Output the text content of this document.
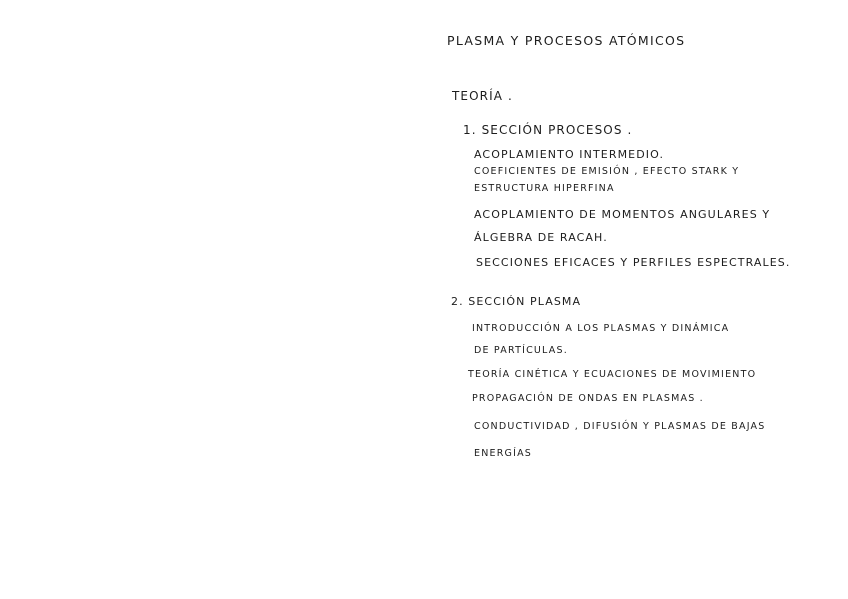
PLASMA Y PROCESOS ATÓMICOS
TEORÍA .
1. SECCIÓN PROCESOS .
ACOPLAMIENTO INTERMEDIO.
COEFICIENTES DE EMISIÓN , EFECTO STARK Y
ESTRUCTURA HIPERFINA
ACOPLAMIENTO DE MOMENTOS ANGULARES Y
ÁLGEBRA DE RACAH.
SECCIONES EFICACES Y PERFILES ESPECTRALES.
2. SECCIÓN PLASMA
INTRODUCCIÓN A LOS PLASMAS Y DINÁMICA
DE PARTÍCULAS.
TEORÍA CINÉTICA Y ECUACIONES DE MOVIMIENTO
PROPAGACIÓN DE ONDAS EN PLASMAS .
CONDUCTIVIDAD , DIFUSIÓN Y PLASMAS DE BAJAS
ENERGÍAS
